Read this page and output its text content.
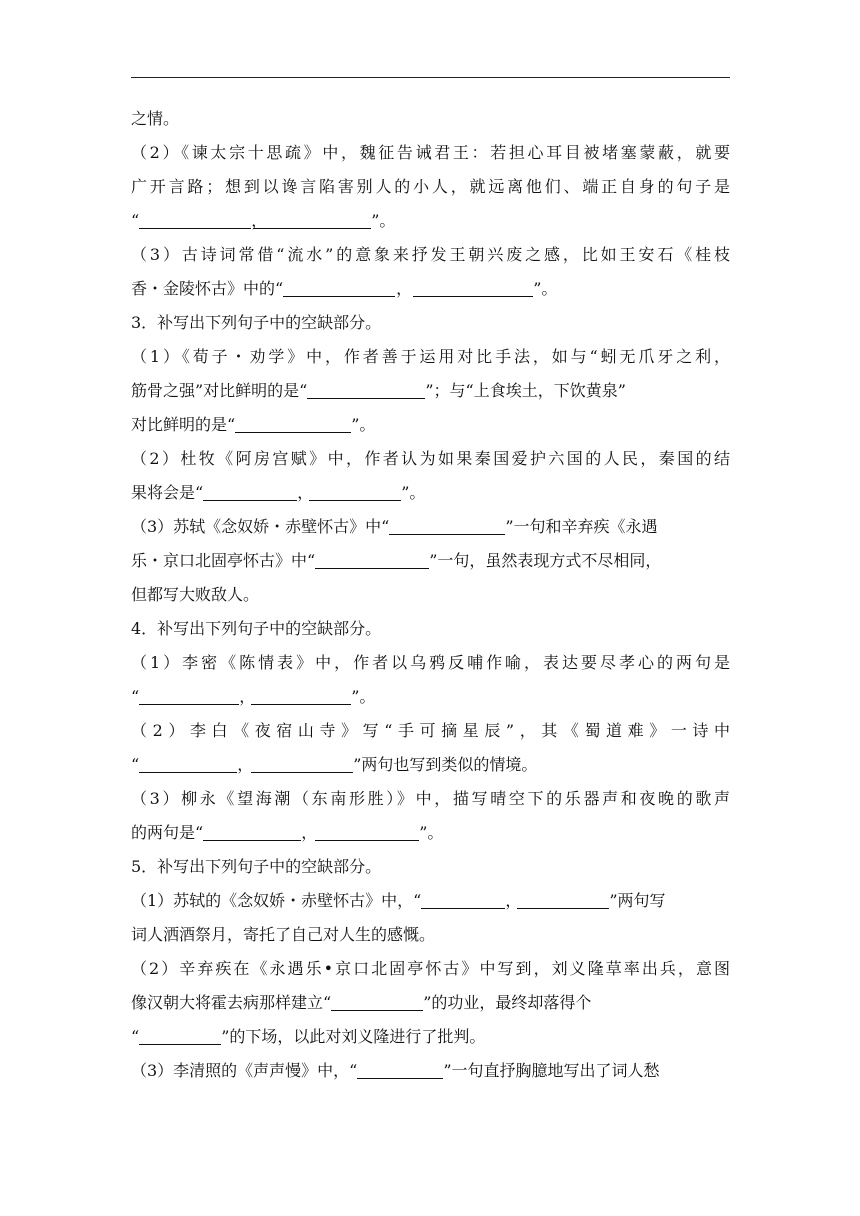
之情。
（2）《谏太宗十思疏》中，魏征告诫君王：若担心耳目被堵塞蒙蔽，就要
广开言路；想到以谗言陷害别人的小人，就远离他们、端正自身的句子是
“	，	”。
（3）古诗词常借“流水”的意象来抒发王朝兴废之感，比如王安石《桂枝
香・金陵怀古》中的“	，	”。
3．补写出下列句子中的空缺部分。
（1）《荀子・劝学》中，作者善于运用对比手法，如与“蚓无爪牙之利，
筋骨之强”对比鲜明的是“	”；与“上食埃土，下饮黄泉”
对比鲜明的是“	”。
（2）杜牧《阿房宫赋》中，作者认为如果秦国爱护六国的人民，秦国的结
果将会是“	，	”。
（3）苏轼《念奴娇・赤壁怀古》中“	”一句和辛弃疾《永遇
乐・京口北固亭怀古》中“	”一句，虽然表现方式不尽相同，
但都写大败敌人。
4．补写出下列句子中的空缺部分。
（1）李密《陈情表》中，作者以乌鸦反哺作喻，表达要尽孝心的两句是
“	，	”。
（2）李白《夜宿山寺》写“手可摘星辰”，其《蜀道难》一诗中
“	，	”两句也写到类似的情境。
（3）柳永《望海潮（东南形胜）》中，描写晴空下的乐器声和夜晚的歌声
的两句是“	，	”。
5．补写出下列句子中的空缺部分。
（1）苏轼的《念奴娇・赤壁怀古》中，“	，	”两句写
词人洒酒祭月，寄托了自己对人生的感慨。
（2）辛弃疾在《永遇乐•京口北固亭怀古》中写到，刘义隆草率出兵，意图
像汉朝大将霍去病那样建立“	”的功业，最终却落得个
“	”的下场，以此对刘义隆进行了批判。
（3）李清照的《声声慢》中，“	”一句直抒胸臆地写出了词人愁
